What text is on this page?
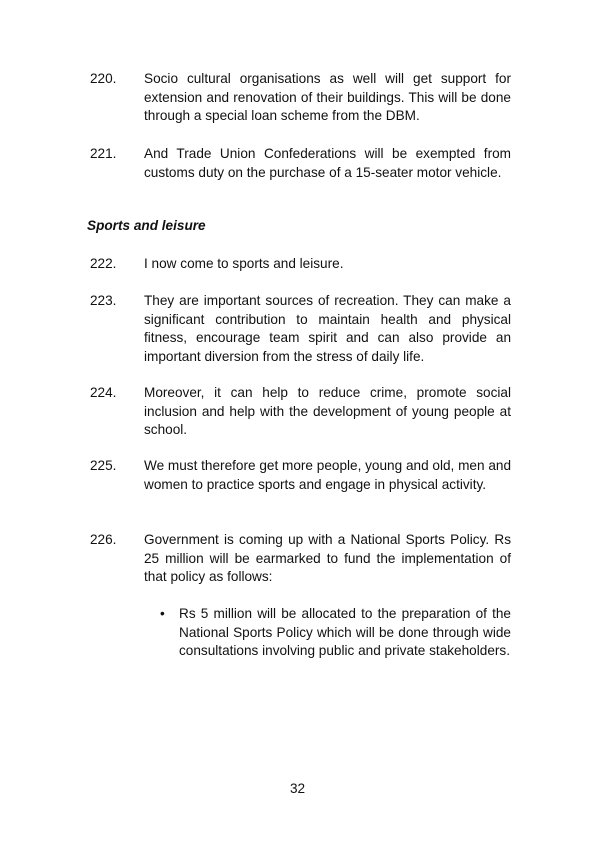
220.	Socio cultural organisations as well will get support for extension and renovation of their buildings. This will be done through a special loan scheme from the DBM.
221.	And Trade Union Confederations will be exempted from customs duty on the purchase of a 15-seater motor vehicle.
Sports and leisure
222.	I now come to sports and leisure.
223.	They are important sources of recreation. They can make a significant contribution to maintain health and physical fitness, encourage team spirit and can also provide an important diversion from the stress of daily life.
224.	Moreover, it can help to reduce crime, promote social inclusion and help with the development of young people at school.
225.	We must therefore get more people, young and old, men and women to practice sports and engage in physical activity.
226.	Government is coming up with a National Sports Policy. Rs 25 million will be earmarked to fund the implementation of that policy as follows:
•	Rs 5 million will be allocated to the preparation of the National Sports Policy which will be done through wide consultations involving public and private stakeholders.
32
